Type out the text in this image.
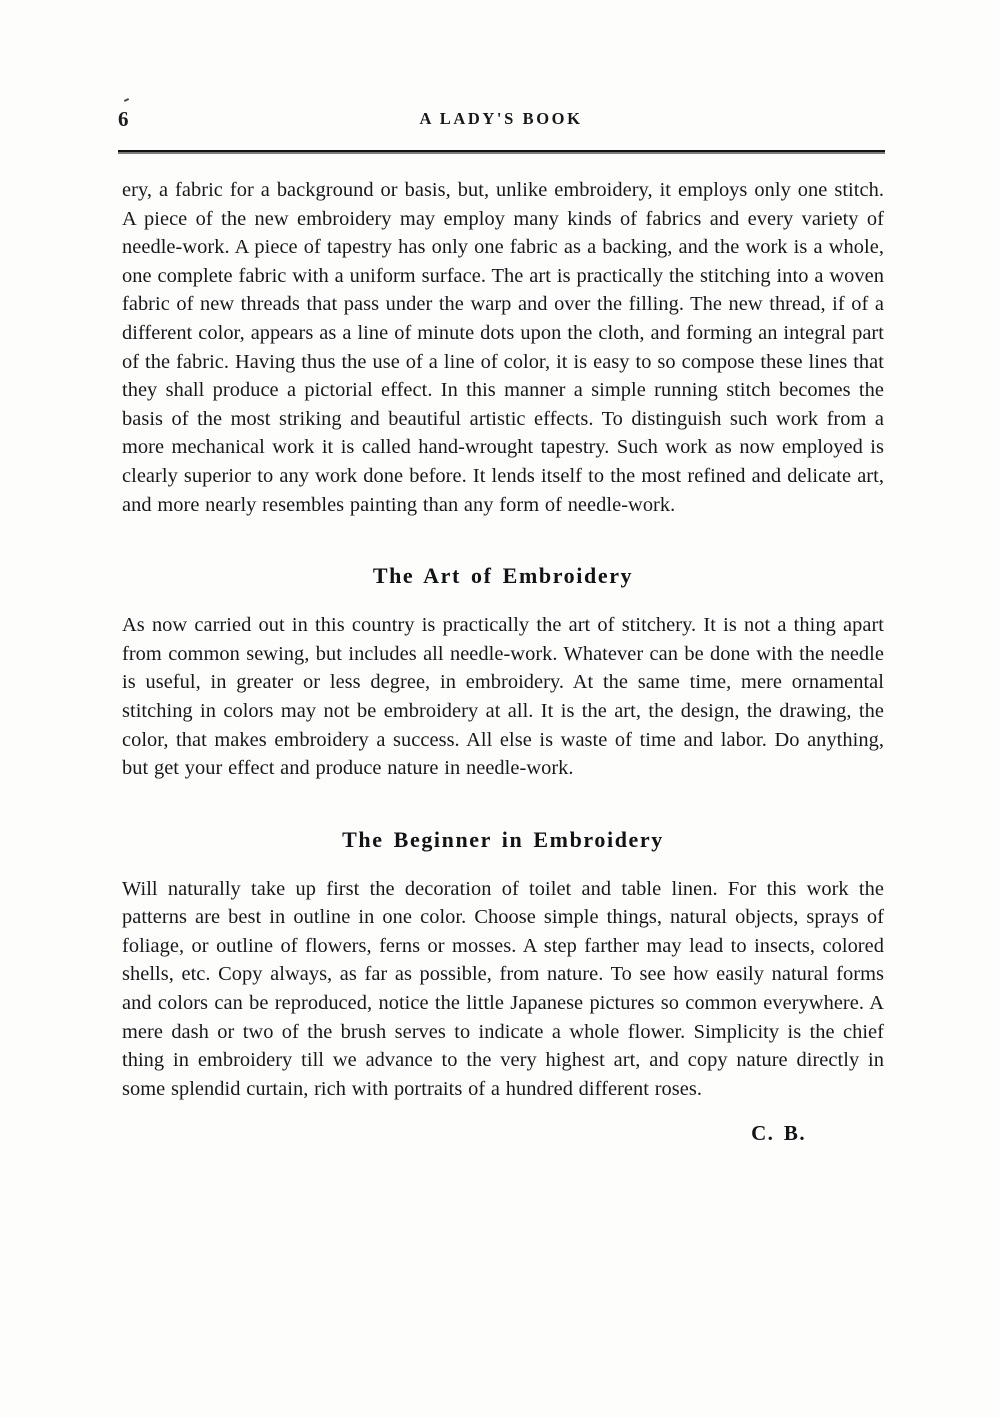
6	A LADY'S BOOK

ery, a fabric for a background or basis, but, unlike embroidery, it employs only one stitch. A piece of the new embroidery may employ many kinds of fabrics and every variety of needle-work. A piece of tapestry has only one fabric as a backing, and the work is a whole, one complete fabric with a uniform surface. The art is practically the stitching into a woven fabric of new threads that pass under the warp and over the filling. The new thread, if of a different color, appears as a line of minute dots upon the cloth, and forming an integral part of the fabric. Having thus the use of a line of color, it is easy to so compose these lines that they shall produce a pictorial effect. In this manner a simple running stitch becomes the basis of the most striking and beautiful artistic effects. To distinguish such work from a more mechanical work it is called hand-wrought tapestry. Such work as now employed is clearly superior to any work done before. It lends itself to the most refined and delicate art, and more nearly resembles painting than any form of needle-work.

The Art of Embroidery

As now carried out in this country is practically the art of stitchery. It is not a thing apart from common sewing, but includes all needle-work. Whatever can be done with the needle is useful, in greater or less degree, in embroidery. At the same time, mere ornamental stitching in colors may not be embroidery at all. It is the art, the design, the drawing, the color, that makes embroidery a success. All else is waste of time and labor. Do anything, but get your effect and produce nature in needle-work.

The Beginner in Embroidery

Will naturally take up first the decoration of toilet and table linen. For this work the patterns are best in outline in one color. Choose simple things, natural objects, sprays of foliage, or outline of flowers, ferns or mosses. A step farther may lead to insects, colored shells, etc. Copy always, as far as possible, from nature. To see how easily natural forms and colors can be reproduced, notice the little Japanese pictures so common everywhere. A mere dash or two of the brush serves to indicate a whole flower. Simplicity is the chief thing in embroidery till we advance to the very highest art, and copy nature directly in some splendid curtain, rich with portraits of a hundred different roses.

C. B.
